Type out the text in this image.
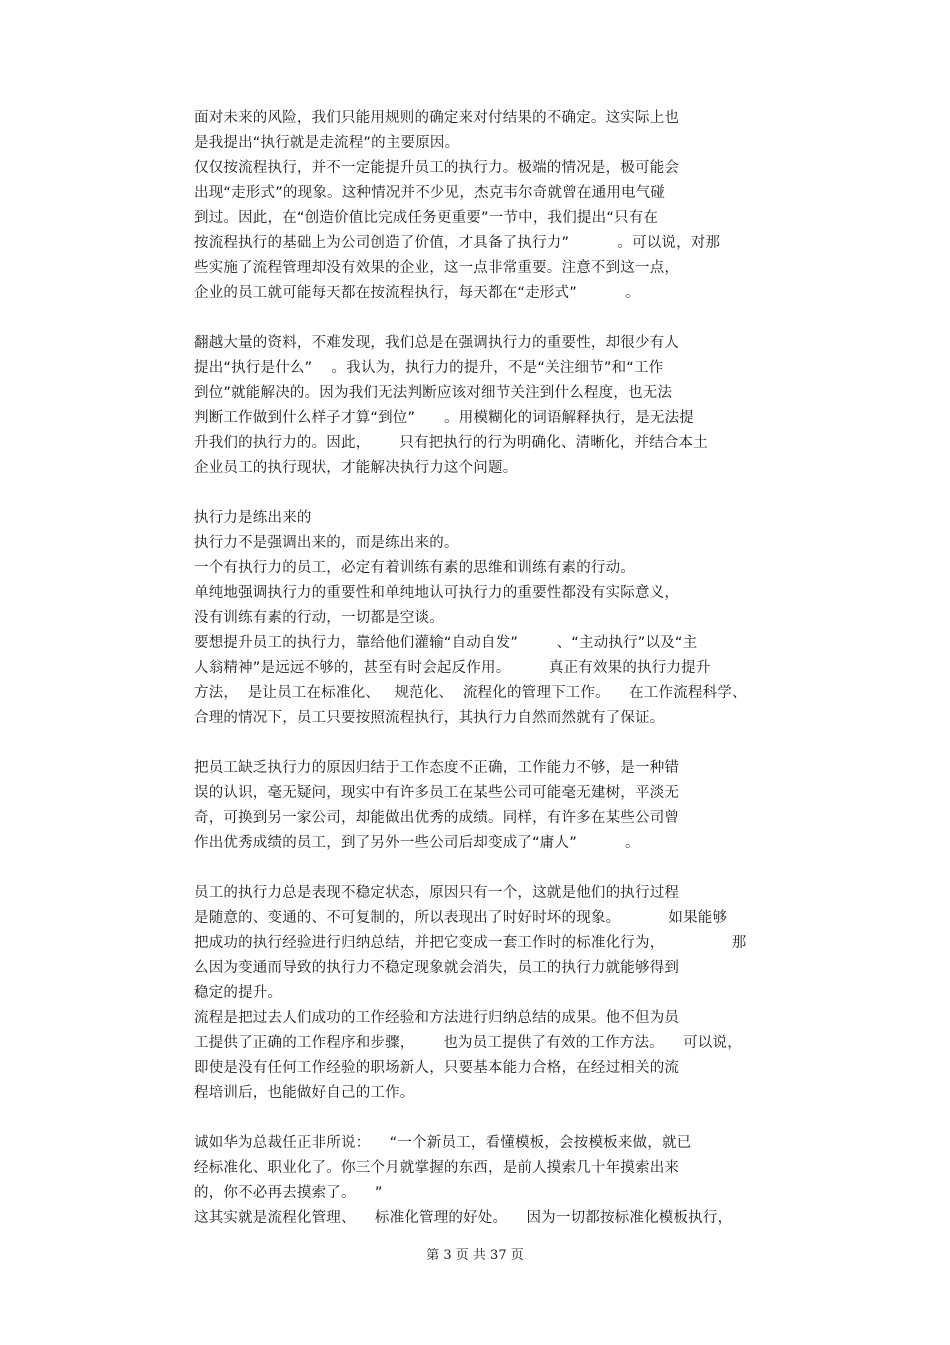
面对未来的风险，我们只能用规则的确定来对付结果的不确定。这实际上也
是我提出“执行就是走流程”的主要原因。
仅仅按流程执行，并不一定能提升员工的执行力。极端的情况是，极可能会
出现“走形式”的现象。这种情况并不少见，杰克韦尔奇就曾在通用电气碰
到过。因此，在“创造价值比完成任务更重要”一节中，我们提出“只有在
按流程执行的基础上为公司创造了价值，才具备了执行力”          。可以说，对那
些实施了流程管理却没有效果的企业，这一点非常重要。注意不到这一点，
企业的员工就可能每天都在按流程执行，每天都在“走形式”          。
翻越大量的资料，不难发现，我们总是在强调执行力的重要性，却很少有人
提出“执行是什么”    。我认为，执行力的提升，不是“关注细节”和“工作
到位”就能解决的。因为我们无法判断应该对细节关注到什么程度，也无法
判断工作做到什么样子才算“到位”      。用模糊化的词语解释执行，是无法提
升我们的执行力的。因此，      只有把执行的行为明确化、清晰化，并结合本土
企业员工的执行现状，才能解决执行力这个问题。
执行力是练出来的
执行力不是强调出来的，而是练出来的。
一个有执行力的员工，必定有着训练有素的思维和训练有素的行动。
单纯地强调执行力的重要性和单纯地认可执行力的重要性都没有实际意义，
没有训练有素的行动，一切都是空谈。
要想提升员工的执行力，靠给他们灌输“自动自发”        、“主动执行”以及“主
人翁精神”是远远不够的，甚至有时会起反作用。        真正有效果的执行力提升
方法，  是让员工在标准化、   规范化、  流程化的管理下工作。    在工作流程科学、
合理的情况下，员工只要按照流程执行，其执行力自然而然就有了保证。
把员工缺乏执行力的原因归结于工作态度不正确，工作能力不够，是一种错
误的认识，毫无疑问，现实中有许多员工在某些公司可能毫无建树，平淡无
奇，可换到另一家公司，却能做出优秀的成绩。同样，有许多在某些公司曾
作出优秀成绩的员工，到了另外一些公司后却变成了“庸人”          。
员工的执行力总是表现不稳定状态，原因只有一个，这就是他们的执行过程
是随意的、变通的、不可复制的，所以表现出了时好时坏的现象。          如果能够
把成功的执行经验进行归纳总结，并把它变成一套工作时的标准化行为，              那
么因为变通而导致的执行力不稳定现象就会消失，员工的执行力就能够得到
稳定的提升。
流程是把过去人们成功的工作经验和方法进行归纳总结的成果。他不但为员
工提供了正确的工作程序和步骤，      也为员工提供了有效的工作方法。    可以说，
即使是没有任何工作经验的职场新人，只要基本能力合格，在经过相关的流
程培训后，也能做好自己的工作。
诚如华为总裁任正非所说：    “一个新员工，看懂模板，会按模板来做，就已
经标准化、职业化了。你三个月就掌握的东西，是前人摸索几十年摸索出来
的，你不必再去摸索了。    ”
这其实就是流程化管理、    标准化管理的好处。    因为一切都按标准化模板执行，
第 3 页 共 37 页
